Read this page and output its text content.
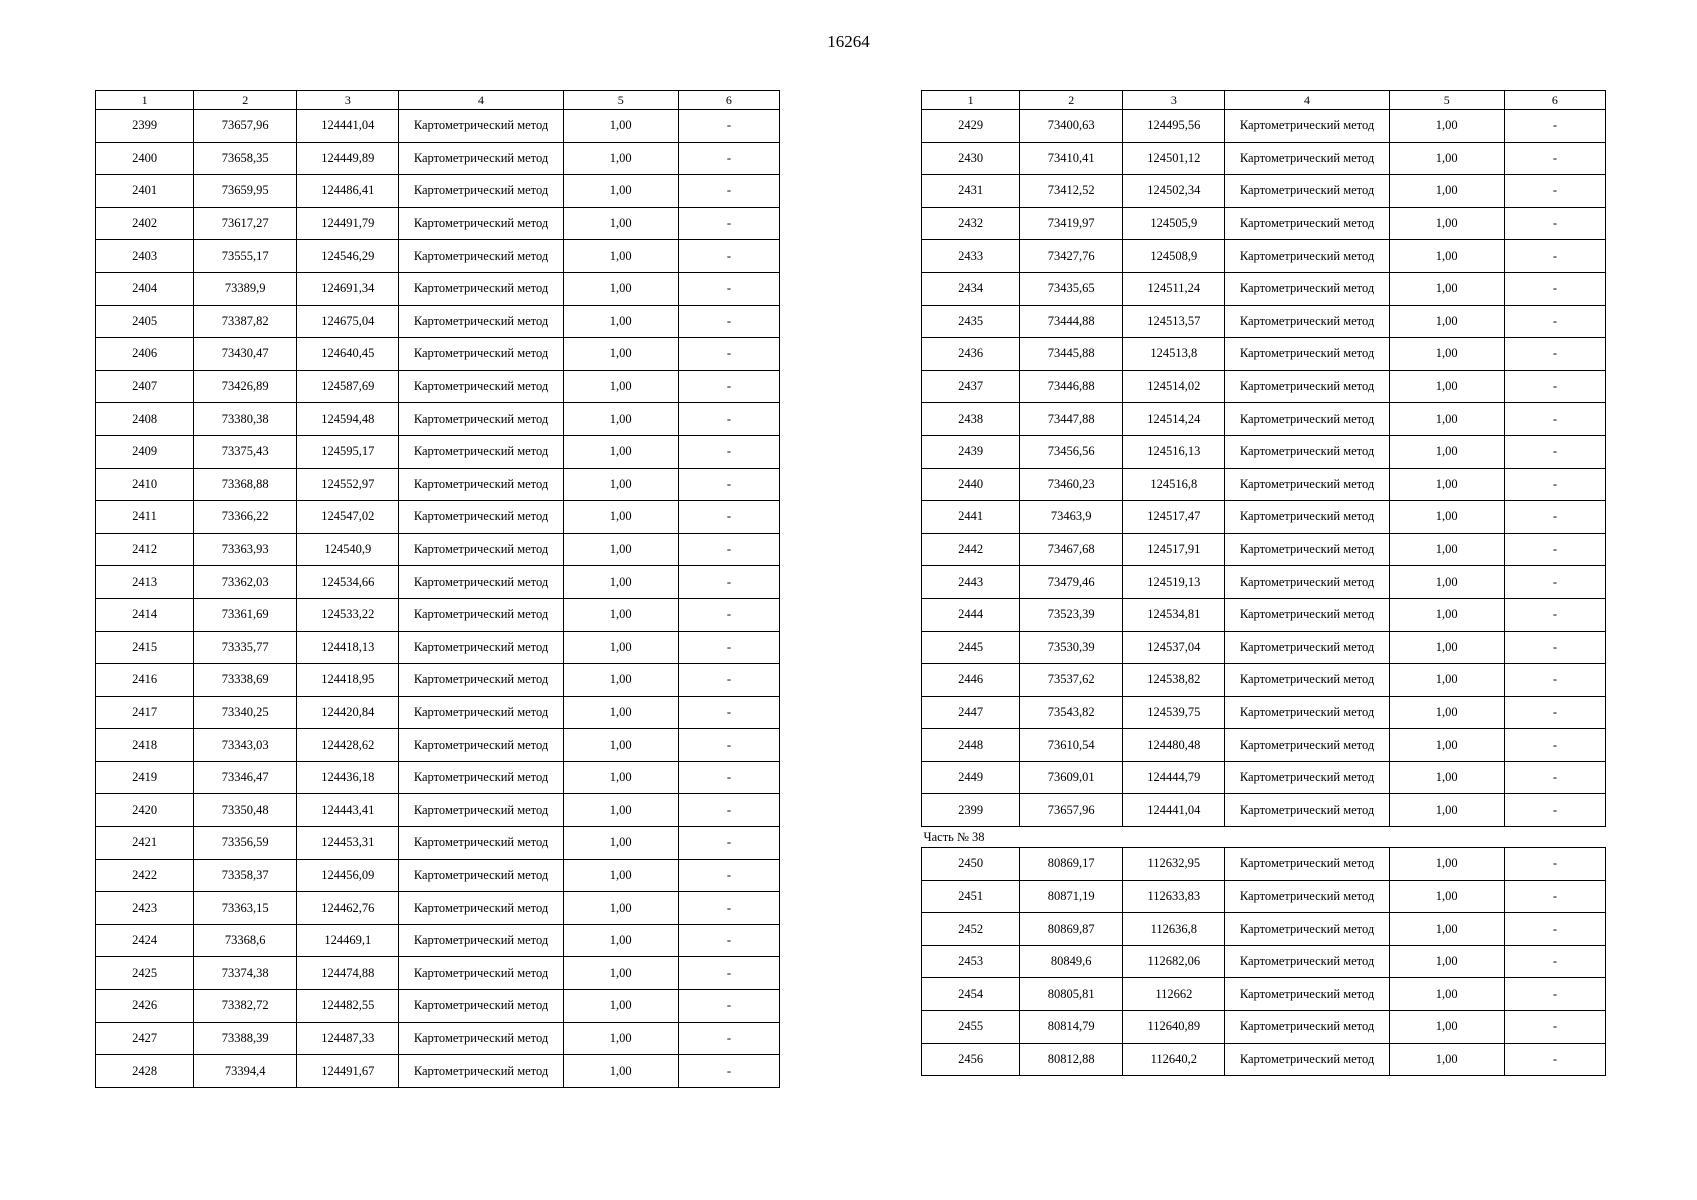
16264
1	2	3	4	5	6
2399	73657,96	124441,04	Картометрический метод	1,00	-
2400	73658,35	124449,89	Картометрический метод	1,00	-
2401	73659,95	124486,41	Картометрический метод	1,00	-
2402	73617,27	124491,79	Картометрический метод	1,00	-
2403	73555,17	124546,29	Картометрический метод	1,00	-
2404	73389,9	124691,34	Картометрический метод	1,00	-
2405	73387,82	124675,04	Картометрический метод	1,00	-
2406	73430,47	124640,45	Картометрический метод	1,00	-
2407	73426,89	124587,69	Картометрический метод	1,00	-
2408	73380,38	124594,48	Картометрический метод	1,00	-
2409	73375,43	124595,17	Картометрический метод	1,00	-
2410	73368,88	124552,97	Картометрический метод	1,00	-
2411	73366,22	124547,02	Картометрический метод	1,00	-
2412	73363,93	124540,9	Картометрический метод	1,00	-
2413	73362,03	124534,66	Картометрический метод	1,00	-
2414	73361,69	124533,22	Картометрический метод	1,00	-
2415	73335,77	124418,13	Картометрический метод	1,00	-
2416	73338,69	124418,95	Картометрический метод	1,00	-
2417	73340,25	124420,84	Картометрический метод	1,00	-
2418	73343,03	124428,62	Картометрический метод	1,00	-
2419	73346,47	124436,18	Картометрический метод	1,00	-
2420	73350,48	124443,41	Картометрический метод	1,00	-
2421	73356,59	124453,31	Картометрический метод	1,00	-
2422	73358,37	124456,09	Картометрический метод	1,00	-
2423	73363,15	124462,76	Картометрический метод	1,00	-
2424	73368,6	124469,1	Картометрический метод	1,00	-
2425	73374,38	124474,88	Картометрический метод	1,00	-
2426	73382,72	124482,55	Картометрический метод	1,00	-
2427	73388,39	124487,33	Картометрический метод	1,00	-
2428	73394,4	124491,67	Картометрический метод	1,00	-
1	2	3	4	5	6
2429	73400,63	124495,56	Картометрический метод	1,00	-
2430	73410,41	124501,12	Картометрический метод	1,00	-
2431	73412,52	124502,34	Картометрический метод	1,00	-
2432	73419,97	124505,9	Картометрический метод	1,00	-
2433	73427,76	124508,9	Картометрический метод	1,00	-
2434	73435,65	124511,24	Картометрический метод	1,00	-
2435	73444,88	124513,57	Картометрический метод	1,00	-
2436	73445,88	124513,8	Картометрический метод	1,00	-
2437	73446,88	124514,02	Картометрический метод	1,00	-
2438	73447,88	124514,24	Картометрический метод	1,00	-
2439	73456,56	124516,13	Картометрический метод	1,00	-
2440	73460,23	124516,8	Картометрический метод	1,00	-
2441	73463,9	124517,47	Картометрический метод	1,00	-
2442	73467,68	124517,91	Картометрический метод	1,00	-
2443	73479,46	124519,13	Картометрический метод	1,00	-
2444	73523,39	124534,81	Картометрический метод	1,00	-
2445	73530,39	124537,04	Картометрический метод	1,00	-
2446	73537,62	124538,82	Картометрический метод	1,00	-
2447	73543,82	124539,75	Картометрический метод	1,00	-
2448	73610,54	124480,48	Картометрический метод	1,00	-
2449	73609,01	124444,79	Картометрический метод	1,00	-
2399	73657,96	124441,04	Картометрический метод	1,00	-
Часть № 38					
2450	80869,17	112632,95	Картометрический метод	1,00	-
2451	80871,19	112633,83	Картометрический метод	1,00	-
2452	80869,87	112636,8	Картометрический метод	1,00	-
2453	80849,6	112682,06	Картометрический метод	1,00	-
2454	80805,81	112662	Картометрический метод	1,00	-
2455	80814,79	112640,89	Картометрический метод	1,00	-
2456	80812,88	112640,2	Картометрический метод	1,00	-
